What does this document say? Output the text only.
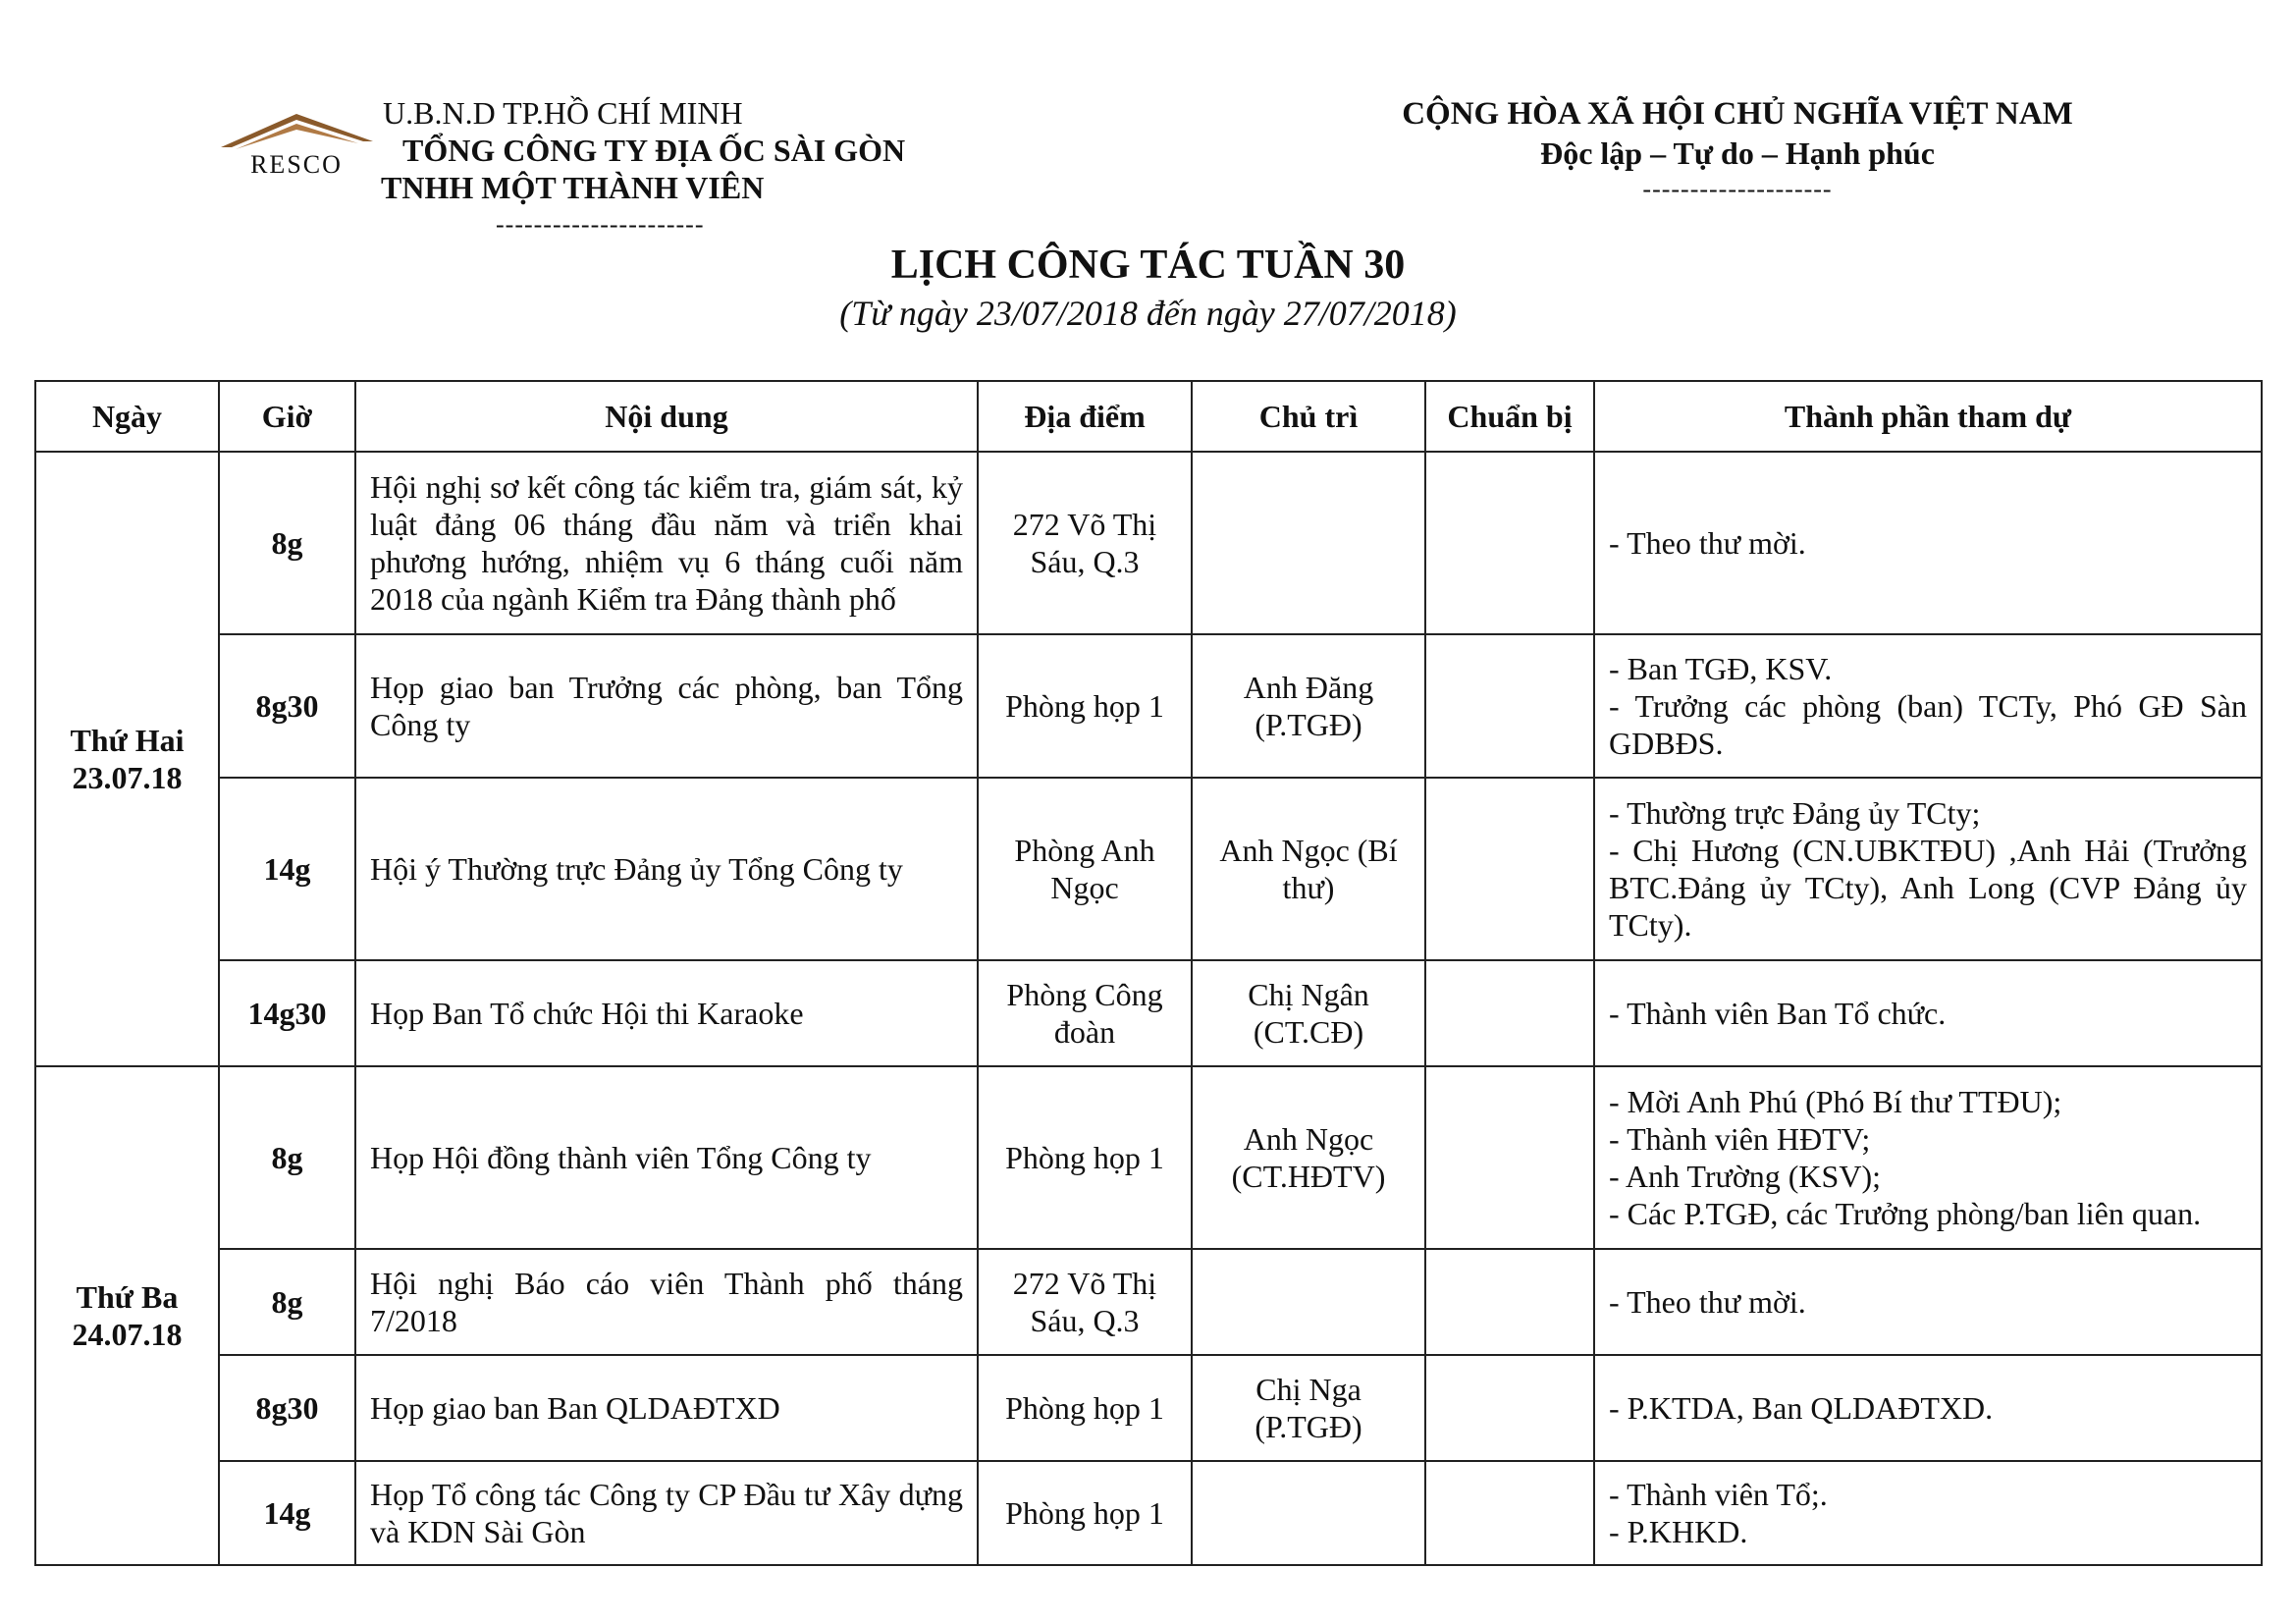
RESCO
U.B.N.D TP.HỒ CHÍ MINH
TỔNG CÔNG TY ĐỊA ỐC SÀI GÒN
TNHH MỘT THÀNH VIÊN
----------------------
CỘNG HÒA XÃ HỘI CHỦ NGHĨA VIỆT NAM
Độc lập – Tự do – Hạnh phúc
--------------------
LỊCH CÔNG TÁC TUẦN 30
(Từ ngày 23/07/2018 đến ngày 27/07/2018)
Ngày	Giờ	Nội dung	Địa điểm	Chủ trì	Chuẩn bị	Thành phần tham dự

Thứ Hai
23.07.18	8g	Hội nghị sơ kết công tác kiểm tra, giám sát, kỷ luật đảng 06 tháng đầu năm và triển khai phương hướng, nhiệm vụ 6 tháng cuối năm 2018 của ngành Kiểm tra Đảng thành phố	272 Võ Thị Sáu, Q.3			- Theo thư mời.

	8g30	Họp giao ban Trưởng các phòng, ban Tổng Công ty	Phòng họp 1	Anh Đăng (P.TGĐ)		- Ban TGĐ, KSV.
- Trưởng các phòng (ban) TCTy, Phó GĐ Sàn GDBĐS.

	14g	Hội ý Thường trực Đảng ủy Tổng Công ty	Phòng Anh Ngọc	Anh Ngọc (Bí thư)		- Thường trực Đảng ủy TCty;
- Chị Hương (CN.UBKTĐU) ,Anh Hải (Trưởng BTC.Đảng ủy TCty), Anh Long (CVP Đảng ủy TCty).

	14g30	Họp Ban Tổ chức Hội thi Karaoke	Phòng Công đoàn	Chị Ngân (CT.CĐ)		- Thành viên Ban Tổ chức.

Thứ Ba
24.07.18	8g	Họp Hội đồng thành viên Tổng Công ty	Phòng họp 1	Anh Ngọc (CT.HĐTV)		- Mời Anh Phú (Phó Bí thư TTĐU);
- Thành viên HĐTV;
- Anh Trường (KSV);
- Các P.TGĐ, các Trưởng phòng/ban liên quan.

	8g	Hội nghị Báo cáo viên Thành phố tháng 7/2018	272 Võ Thị Sáu, Q.3			- Theo thư mời.

	8g30	Họp giao ban Ban QLDAĐTXD	Phòng họp 1	Chị Nga (P.TGĐ)		- P.KTDA, Ban QLDAĐTXD.

	14g	Họp Tổ công tác Công ty CP Đầu tư Xây dựng và KDN Sài Gòn	Phòng họp 1			- Thành viên Tổ;.
- P.KHKD.
